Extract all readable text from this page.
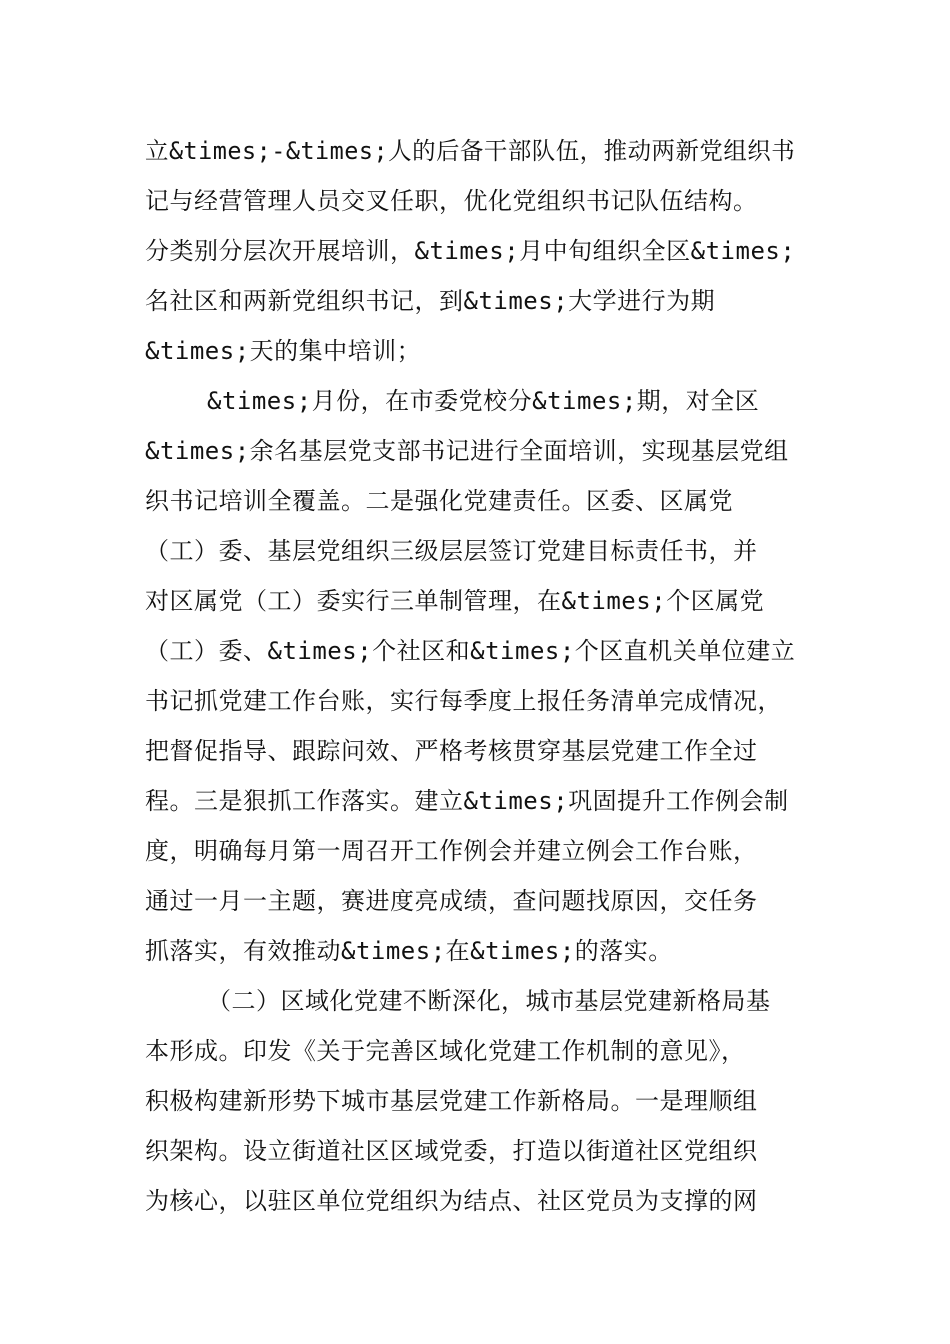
立&times;-&times;人的后备干部队伍，推动两新党组织书
记与经营管理人员交叉任职，优化党组织书记队伍结构。
分类别分层次开展培训，&times;月中旬组织全区&times;
名社区和两新党组织书记，到&times;大学进行为期
&times;天的集中培训；
&times;月份，在市委党校分&times;期，对全区
&times;余名基层党支部书记进行全面培训，实现基层党组
织书记培训全覆盖。二是强化党建责任。区委、区属党
（工）委、基层党组织三级层层签订党建目标责任书，并
对区属党（工）委实行三单制管理，在&times;个区属党
（工）委、&times;个社区和&times;个区直机关单位建立
书记抓党建工作台账，实行每季度上报任务清单完成情况，
把督促指导、跟踪问效、严格考核贯穿基层党建工作全过
程。三是狠抓工作落实。建立&times;巩固提升工作例会制
度，明确每月第一周召开工作例会并建立例会工作台账，
通过一月一主题，赛进度亮成绩，查问题找原因，交任务
抓落实，有效推动&times;在&times;的落实。
（二）区域化党建不断深化，城市基层党建新格局基
本形成。印发《关于完善区域化党建工作机制的意见》，
积极构建新形势下城市基层党建工作新格局。一是理顺组
织架构。设立街道社区区域党委，打造以街道社区党组织
为核心，以驻区单位党组织为结点、社区党员为支撑的网
